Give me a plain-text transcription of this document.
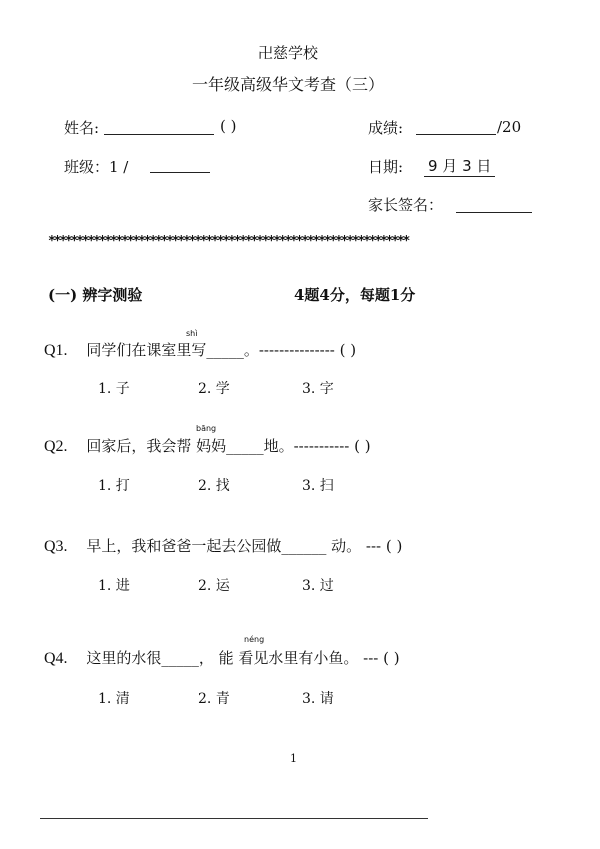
卍慈学校
一年级高级华文考查（三）
姓名:	( )	成绩:	/20
班级：1 /	日期: 9 月 3 日
家长签名：
****************************************************************
(一) 辨字测验	4题4分，每题1分
Q1. 同学们在课室里写_____。--------------- ( )
shì
1. 子	2. 学	3. 字
Q2. 回家后，我会帮 妈妈_____地。----------- ( )
bāng
1. 打	2. 找	3. 扫
Q3. 早上，我和爸爸一起去公园做______ 动。 --- ( )
1. 进	2. 运	3. 过
Q4. 这里的水很_____， 能 看见水里有小鱼。 --- ( )
néng
1. 清	2. 青	3. 请
1
